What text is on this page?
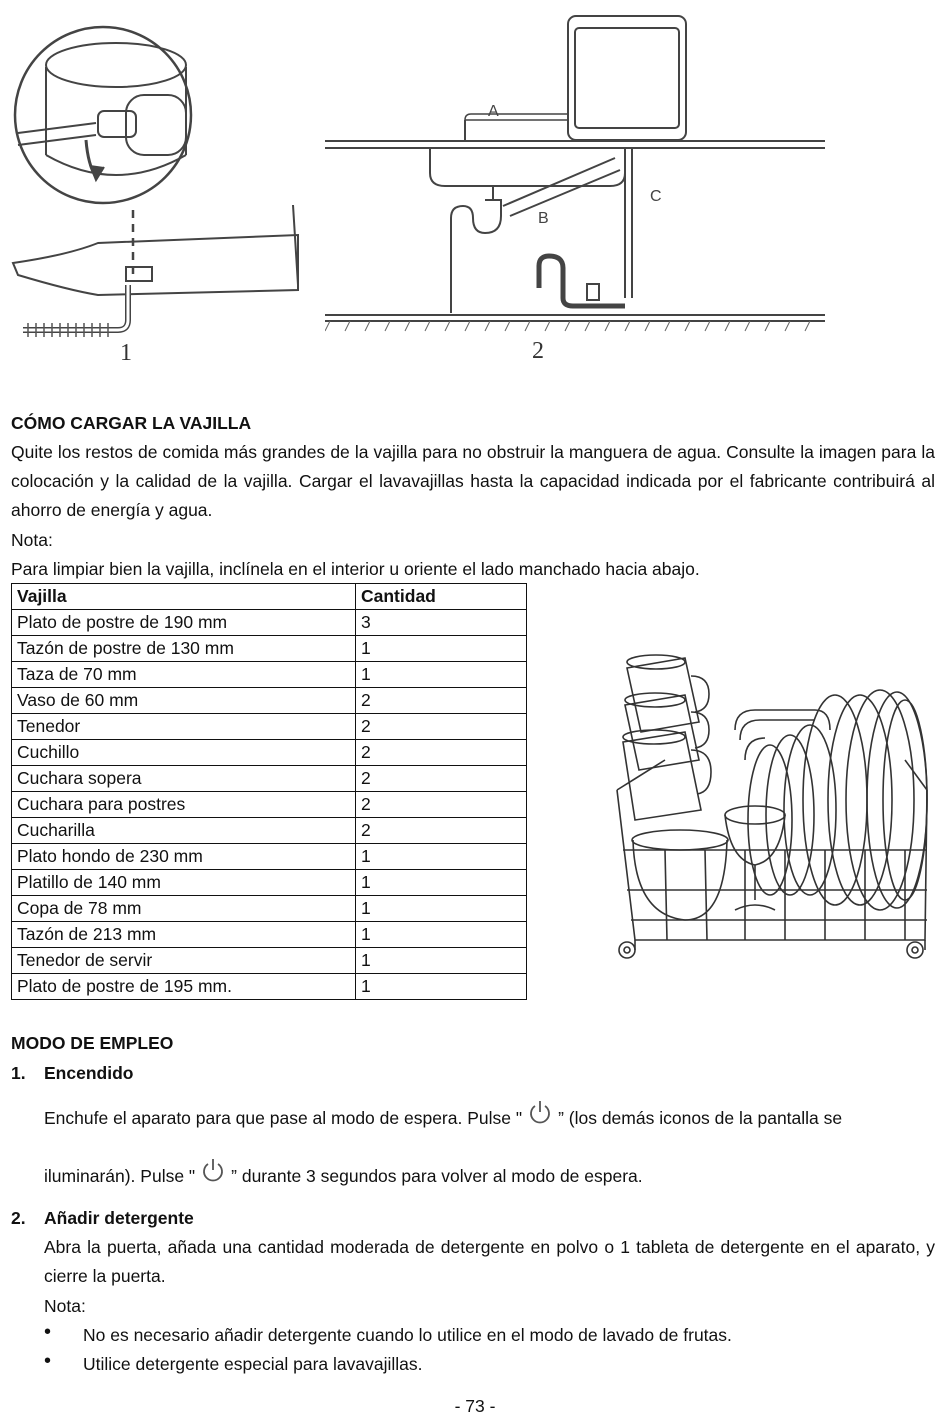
1
A
B
C
2
CÓMO CARGAR LA VAJILLA
Quite los restos de comida más grandes de la vajilla para no obstruir la manguera de agua. Consulte la imagen para la colocación y la calidad de la vajilla. Cargar el lavavajillas hasta la capacidad indicada por el fabricante contribuirá al ahorro de energía y agua.
Nota:
Para limpiar bien la vajilla, inclínela en el interior u oriente el lado manchado hacia abajo.
Vajilla	Cantidad
Plato de postre de 190 mm	3
Tazón de postre de 130 mm	1
Taza de 70 mm	1
Vaso de 60 mm	2
Tenedor	2
Cuchillo	2
Cuchara sopera	2
Cuchara para postres	2
Cucharilla	2
Plato hondo de 230 mm	1
Platillo de 140 mm	1
Copa de 78 mm	1
Tazón de 213 mm	1
Tenedor de servir	1
Plato de postre de 195 mm.	1
MODO DE EMPLEO
1. Encendido
Enchufe el aparato para que pase al modo de espera. Pulse " ” (los demás iconos de la pantalla se
iluminarán). Pulse " ” durante 3 segundos para volver al modo de espera.
2. Añadir detergente
Abra la puerta, añada una cantidad moderada de detergente en polvo o 1 tableta de detergente en el aparato, y cierre la puerta.
Nota:
• No es necesario añadir detergente cuando lo utilice en el modo de lavado de frutas.
• Utilice detergente especial para lavavajillas.
- 73 -
